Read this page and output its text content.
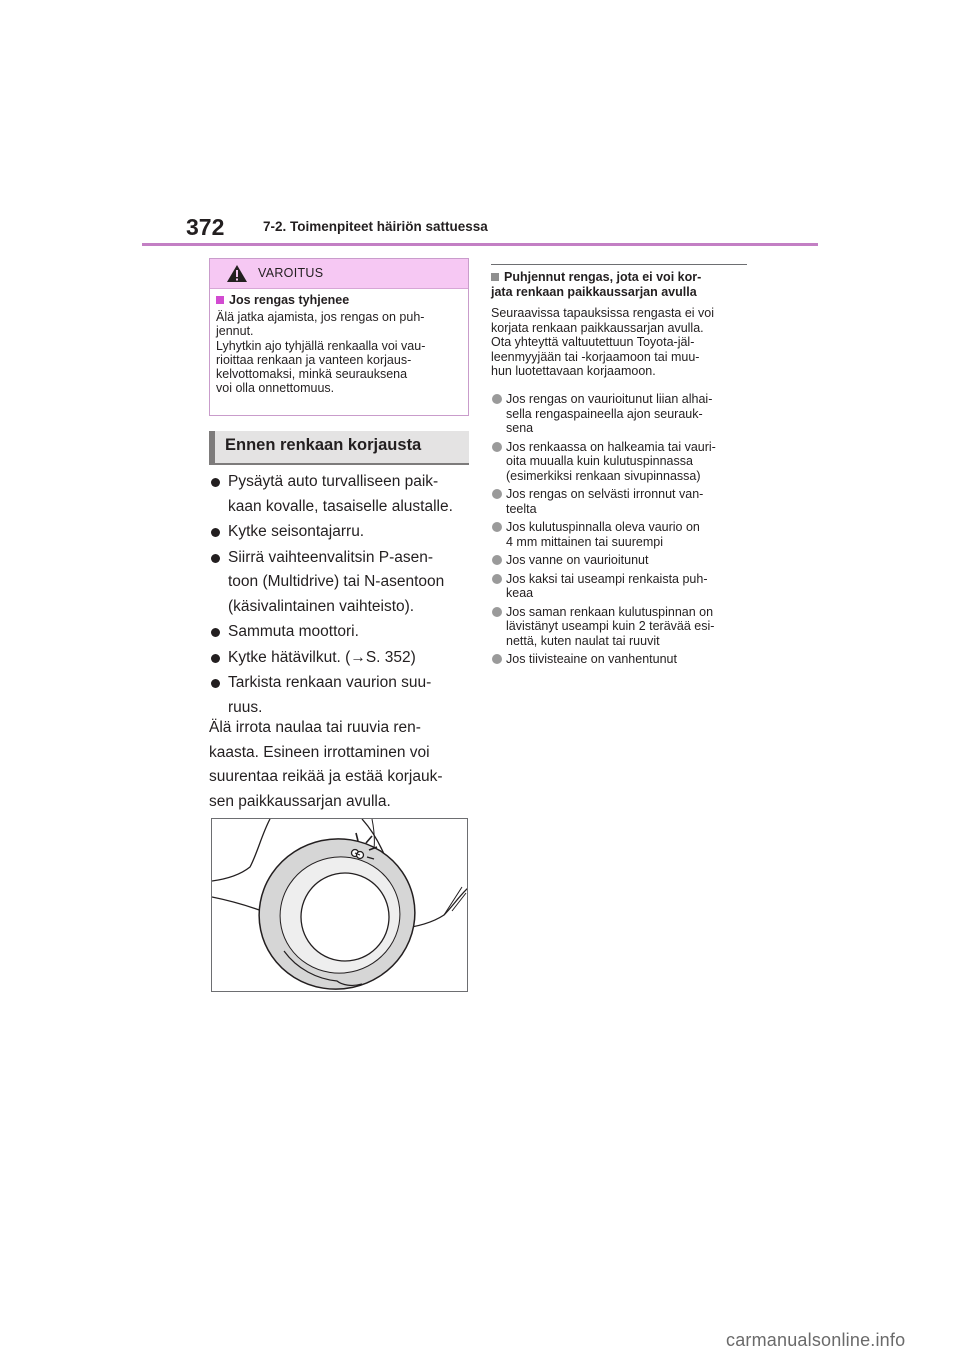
372	7-2. Toimenpiteet häiriön sattuessa
VAROITUS
Jos rengas tyhjenee
Älä jatka ajamista, jos rengas on puh-
jennut.
Lyhytkin ajo tyhjällä renkaalla voi vau-
rioittaa renkaan ja vanteen korjaus-
kelvottomaksi, minkä seurauksena
voi olla onnettomuus.
Ennen renkaan korjausta
Pysäytä auto turvalliseen paik-
kaan kovalle, tasaiselle alustalle.
Kytke seisontajarru.
Siirrä vaihteenvalitsin P-asen-
toon (Multidrive) tai N-asentoon
(käsivalintainen vaihteisto).
Sammuta moottori.
Kytke hätävilkut. (→S. 352)
Tarkista renkaan vaurion suu-
ruus.
Älä irrota naulaa tai ruuvia ren-
kaasta. Esineen irrottaminen voi
suurentaa reikää ja estää korjauk-
sen paikkaussarjan avulla.
Puhjennut rengas, jota ei voi kor-
jata renkaan paikkaussarjan avulla
Seuraavissa tapauksissa rengasta ei voi
korjata renkaan paikkaussarjan avulla.
Ota yhteyttä valtuutettuun Toyota-jäl-
leenmyyjään tai -korjaamoon tai muu-
hun luotettavaan korjaamoon.
Jos rengas on vaurioitunut liian alhai-
sella rengaspaineella ajon seurauk-
sena
Jos renkaassa on halkeamia tai vauri-
oita muualla kuin kulutuspinnassa
(esimerkiksi renkaan sivupinnassa)
Jos rengas on selvästi irronnut van-
teelta
Jos kulutuspinnalla oleva vaurio on
4 mm mittainen tai suurempi
Jos vanne on vaurioitunut
Jos kaksi tai useampi renkaista puh-
keaa
Jos saman renkaan kulutuspinnan on
lävistänyt useampi kuin 2 terävää esi-
nettä, kuten naulat tai ruuvit
Jos tiivisteaine on vanhentunut
carmanualsonline.info
